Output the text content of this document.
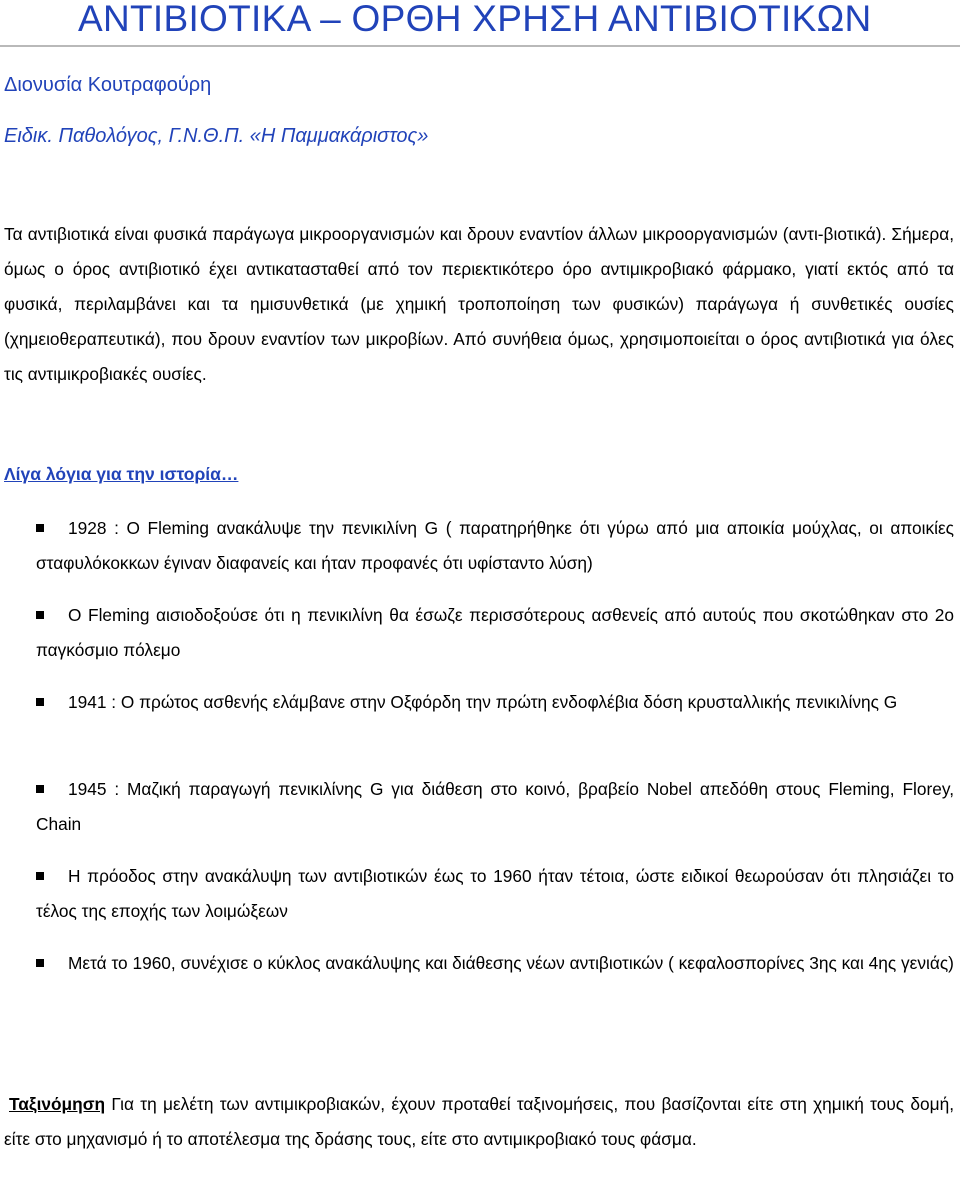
ΑΝΤΙΒΙΟΤΙΚΑ – ΟΡΘΗ ΧΡΗΣΗ ΑΝΤΙΒΙΟΤΙΚΩΝ
Διονυσία Κουτραφούρη
Ειδικ. Παθολόγος, Γ.Ν.Θ.Π. «Η Παμμακάριστος»

Τα αντιβιοτικά είναι φυσικά παράγωγα μικροοργανισμών και δρουν εναντίον άλλων μικροοργανισμών (αντι-βιοτικά). Σήμερα, όμως ο όρος αντιβιοτικό έχει αντικατασταθεί από τον περιεκτικότερο όρο αντιμικροβιακό φάρμακο, γιατί εκτός από τα φυσικά, περιλαμβάνει και τα ημισυνθετικά (με χημική τροποποίηση των φυσικών) παράγωγα ή συνθετικές ουσίες (χημειοθεραπευτικά), που δρουν εναντίον των μικροβίων. Από συνήθεια όμως, χρησιμοποιείται ο όρος αντιβιοτικά για όλες τις αντιμικροβιακές ουσίες.

Λίγα λόγια για την ιστορία…
1928 : Ο Fleming ανακάλυψε την πενικιλίνη G ( παρατηρήθηκε ότι γύρω από μια αποικία μούχλας, οι αποικίες σταφυλόκοκκων έγιναν διαφανείς και ήταν προφανές ότι υφίσταντο λύση)
Ο Fleming αισιοδοξούσε ότι η πενικιλίνη θα έσωζε περισσότερους ασθενείς από αυτούς που σκοτώθηκαν στο 2ο παγκόσμιο πόλεμο
1941 : Ο πρώτος ασθενής ελάμβανε στην Οξφόρδη την πρώτη ενδοφλέβια δόση κρυσταλλικής πενικιλίνης G
1945 : Μαζική παραγωγή πενικιλίνης G για διάθεση στο κοινό, βραβείο Nobel απεδόθη στους Fleming, Florey, Chain
Η πρόοδος στην ανακάλυψη των αντιβιοτικών έως το 1960 ήταν τέτοια, ώστε ειδικοί θεωρούσαν ότι πλησιάζει το τέλος της εποχής των λοιμώξεων
Μετά το 1960, συνέχισε ο κύκλος ανακάλυψης και διάθεσης νέων αντιβιοτικών ( κεφαλοσπορίνες 3ης και 4ης γενιάς)

Ταξινόμηση Για τη μελέτη των αντιμικροβιακών, έχουν προταθεί ταξινομήσεις, που βασίζονται είτε στη χημική τους δομή, είτε στο μηχανισμό ή το αποτέλεσμα της δράσης τους, είτε στο αντιμικροβιακό τους φάσμα.
